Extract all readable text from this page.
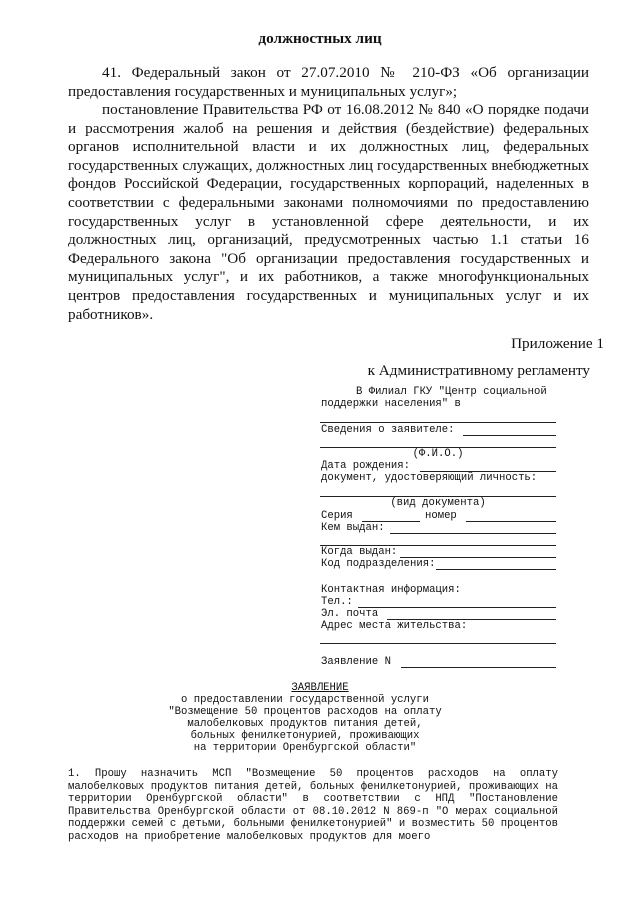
должностных лиц
41. Федеральный закон от 27.07.2010 № 210-ФЗ «Об организации предоставления государственных и муниципальных услуг»;
постановление Правительства РФ от 16.08.2012 № 840 «О порядке подачи и рассмотрения жалоб на решения и действия (бездействие) федеральных органов исполнительной власти и их должностных лиц, федеральных государственных служащих, должностных лиц государственных внебюджетных фондов Российской Федерации, государственных корпораций, наделенных в соответствии с федеральными законами полномочиями по предоставлению государственных услуг в установленной сфере деятельности, и их должностных лиц, организаций, предусмотренных частью 1.1 статьи 16 Федерального закона "Об организации предоставления государственных и муниципальных услуг", и их работников, а также многофункциональных центров предоставления государственных и муниципальных услуг и их работников».
Приложение 1
к Административному регламенту
В Филиал ГКУ "Центр социальной
поддержки населения" в
Сведения о заявителе:
(Ф.И.О.)
Дата рождения:
документ, удостоверяющий личность:
(вид документа)
Серия	номер
Кем выдан:
Когда выдан:
Код подразделения:
Контактная информация:
Тел.:
Эл. почта
Адрес места жительства:
Заявление N
ЗАЯВЛЕНИЕ
о предоставлении государственной услуги
"Возмещение 50 процентов расходов на оплату
малобелковых продуктов питания детей,
больных фенилкетонурией, проживающих
на территории Оренбургской области"
1. Прошу назначить МСП "Возмещение 50 процентов расходов на оплату малобелковых продуктов питания детей, больных фенилкетонурией, проживающих на территории Оренбургской области" в соответствии с НПД "Постановление Правительства Оренбургской области от 08.10.2012 N 869-п "О мерах социальной поддержки семей с детьми, больными фенилкетонурией" и возместить 50 процентов расходов на приобретение малобелковых продуктов для моего
